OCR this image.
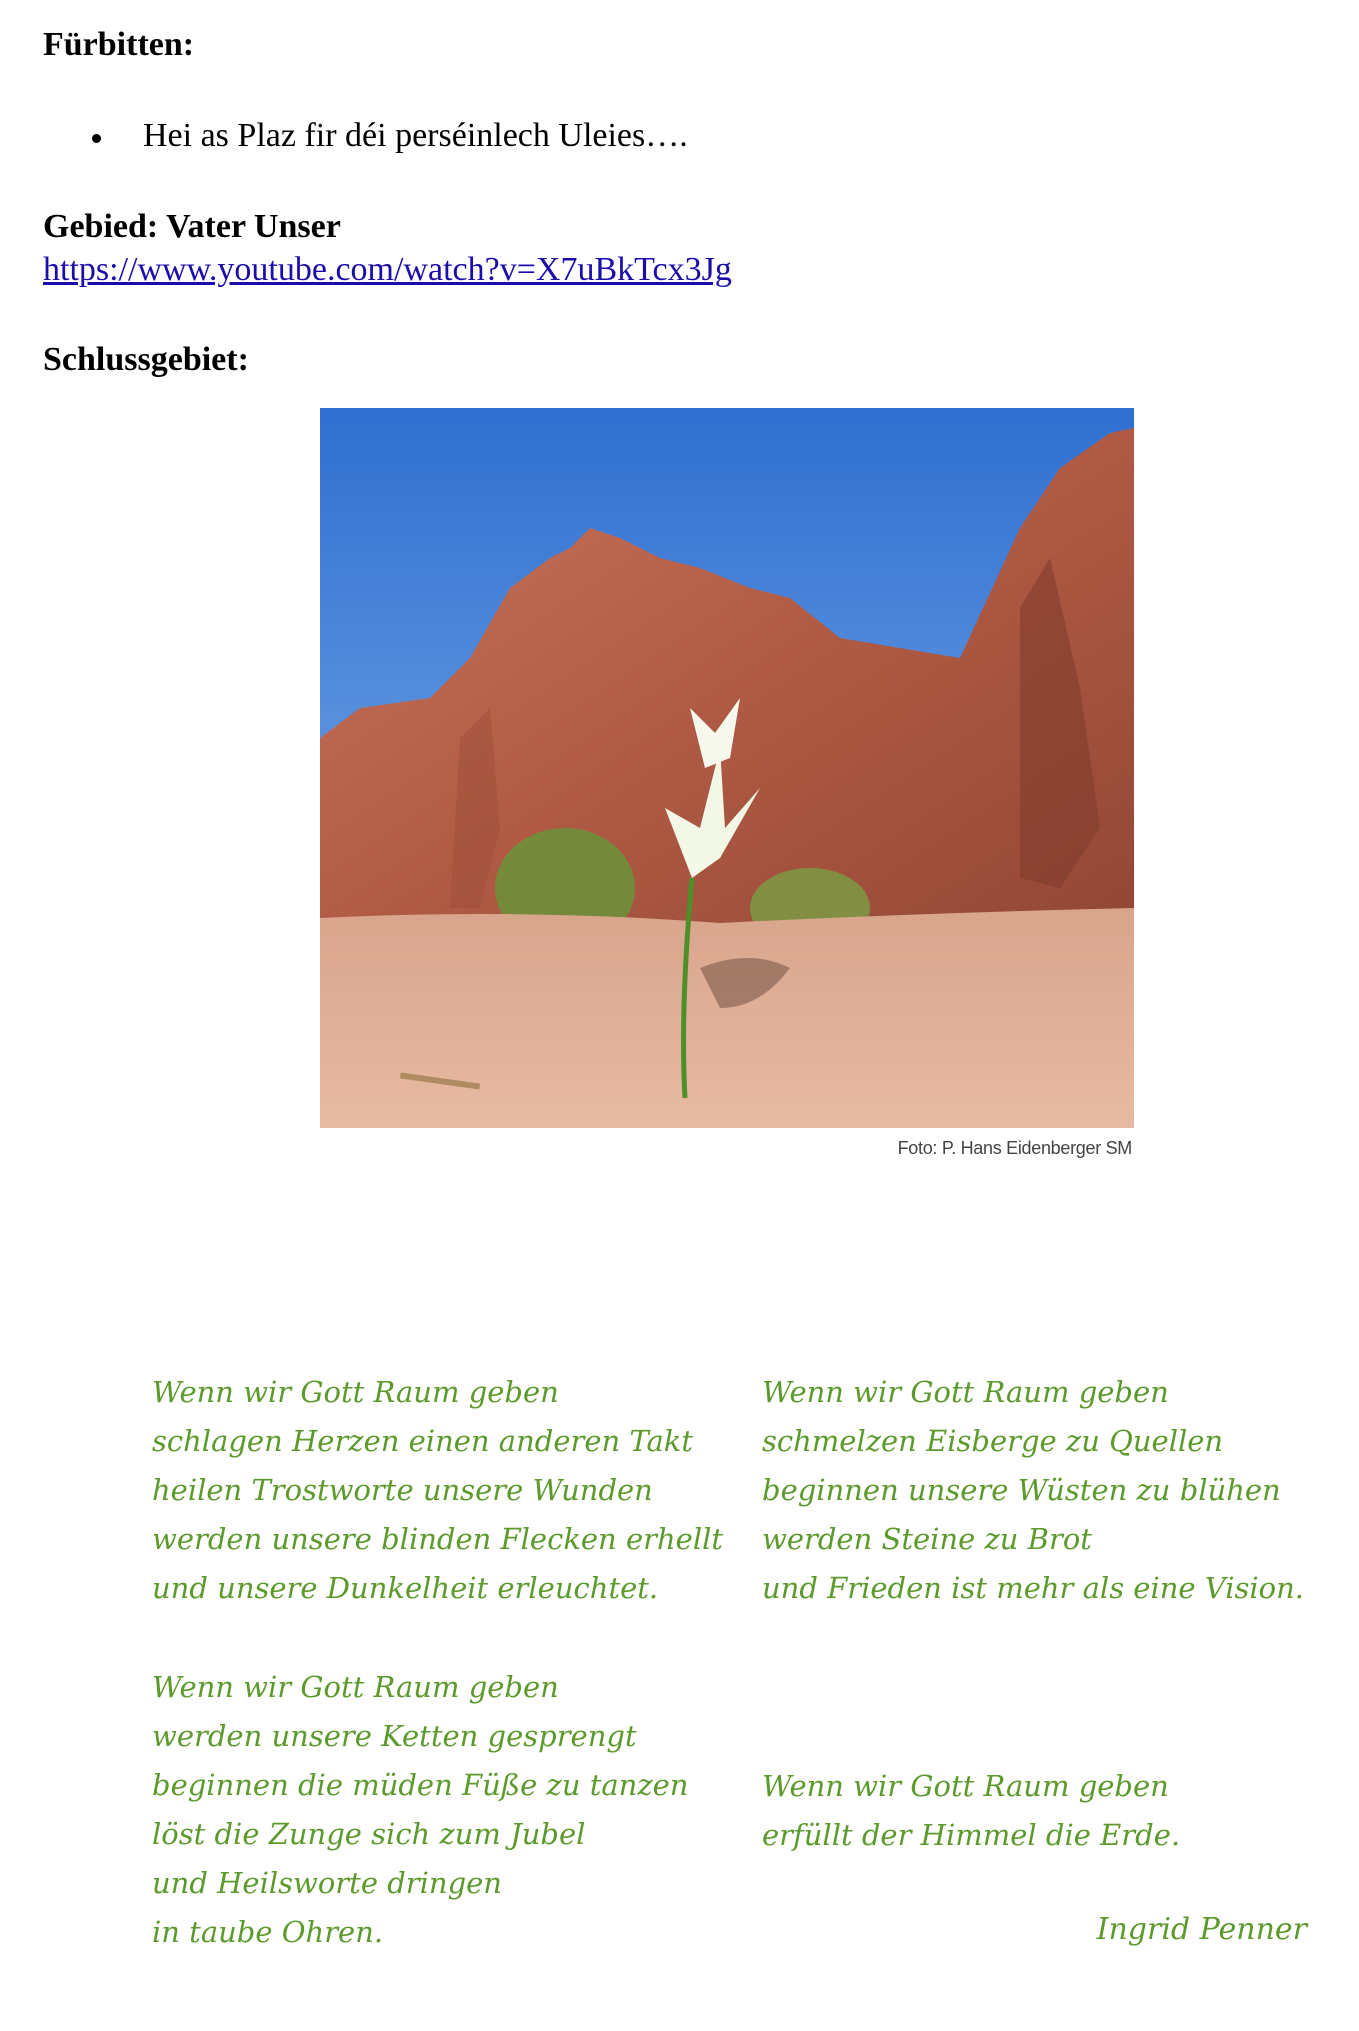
Fürbitten:
Hei as Plaz fir déi perséinlech Uleies….
Gebied: Vater Unser
https://www.youtube.com/watch?v=X7uBkTcx3Jg
Schlussgebiet:
Foto: P. Hans Eidenberger SM
Wenn wir Gott Raum geben
schlagen Herzen einen anderen Takt
heilen Trostworte unsere Wunden
werden unsere blinden Flecken erhellt
und unsere Dunkelheit erleuchtet.
Wenn wir Gott Raum geben
schmelzen Eisberge zu Quellen
beginnen unsere Wüsten zu blühen
werden Steine zu Brot
und Frieden ist mehr als eine Vision.
Wenn wir Gott Raum geben
werden unsere Ketten gesprengt
beginnen die müden Füße zu tanzen
löst die Zunge sich zum Jubel
und Heilsworte dringen
in taube Ohren.
Wenn wir Gott Raum geben
erfüllt der Himmel die Erde.
Ingrid Penner
